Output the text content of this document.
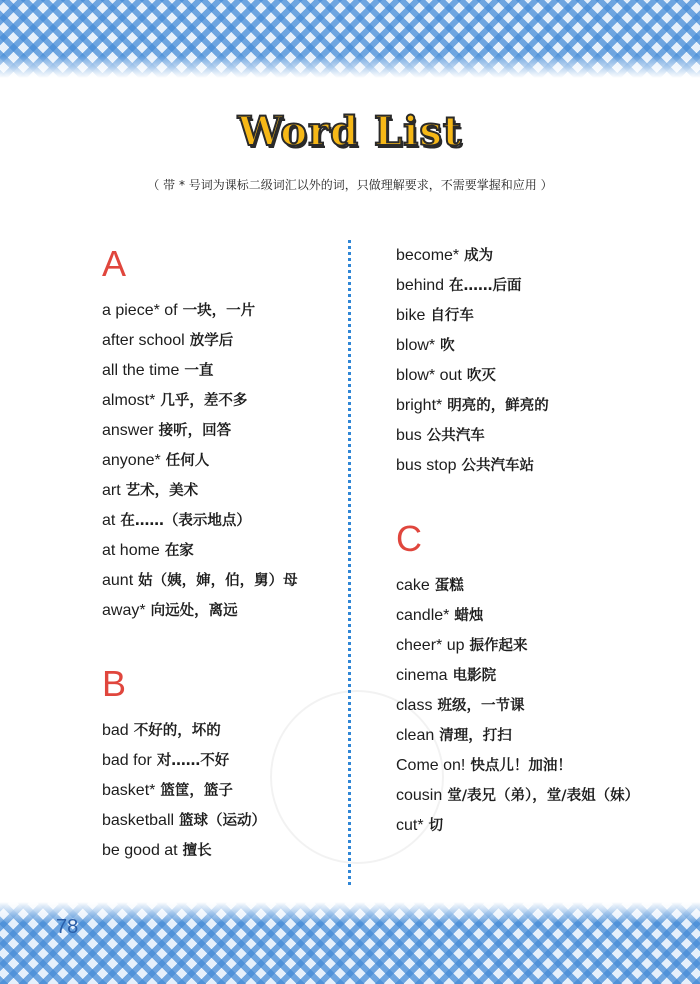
Word List
（ 带 * 号词为课标二级词汇以外的词，只做理解要求，不需要掌握和应用 ）
A
a piece* of 一块，一片
after school 放学后
all the time 一直
almost* 几乎，差不多
answer 接听，回答
anyone* 任何人
art 艺术，美术
at 在……（表示地点）
at home 在家
aunt 姑（姨，婶，伯，舅）母
away* 向远处，离远
B
bad 不好的，坏的
bad for 对……不好
basket* 篮筐，篮子
basketball 篮球（运动）
be good at 擅长
become* 成为
behind 在……后面
bike 自行车
blow* 吹
blow* out 吹灭
bright* 明亮的，鲜亮的
bus 公共汽车
bus stop 公共汽车站
C
cake 蛋糕
candle* 蜡烛
cheer* up 振作起来
cinema 电影院
class 班级，一节课
clean 清理，打扫
Come on! 快点儿！加油！
cousin 堂/表兄（弟），堂/表姐（妹）
cut* 切
78
